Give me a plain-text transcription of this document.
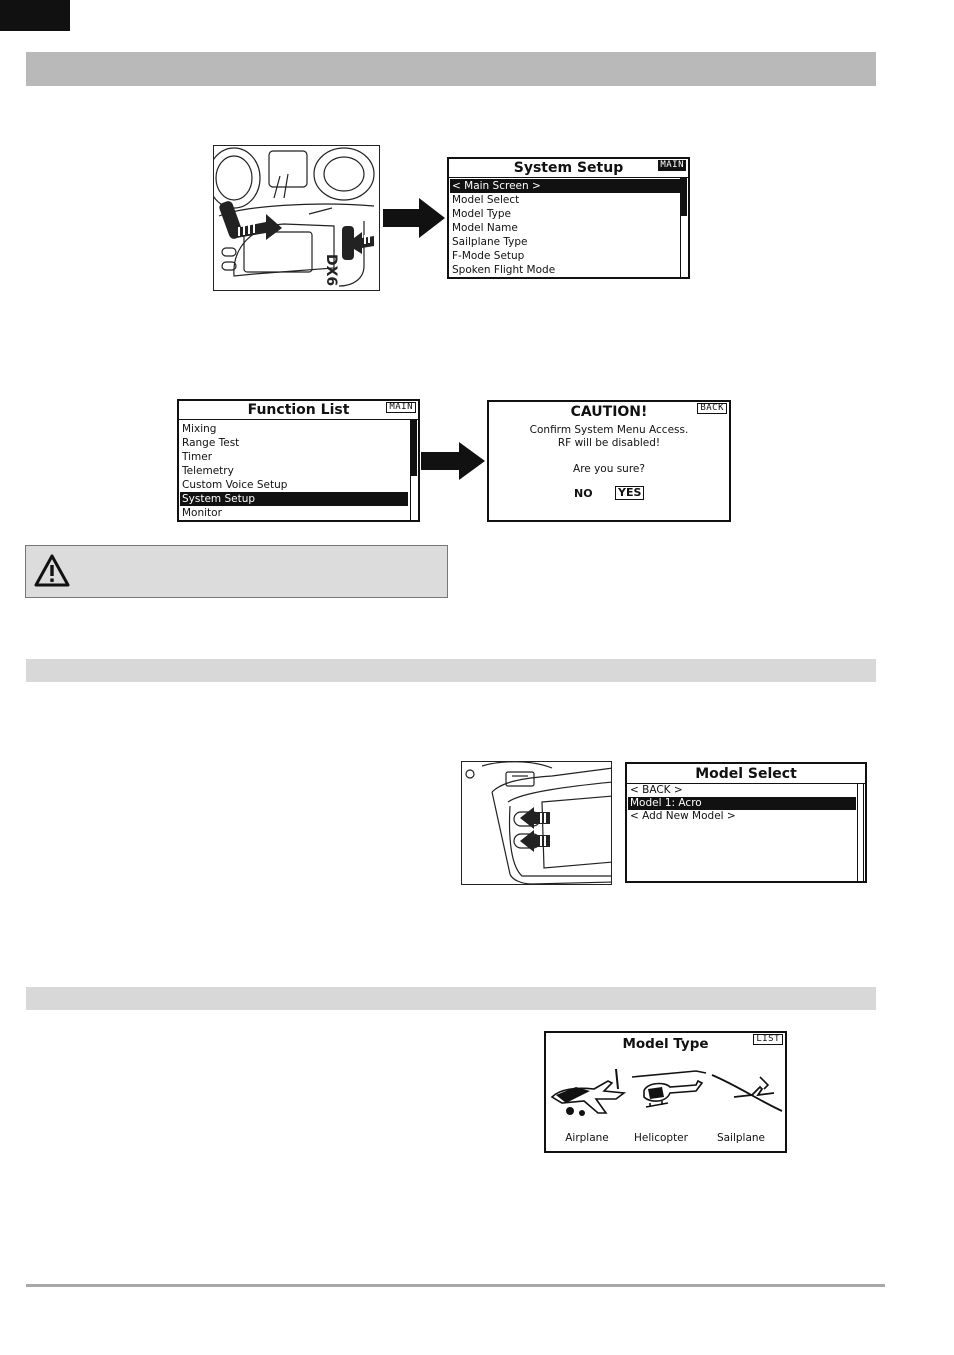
DX6
System Setup	MAIN
< Main Screen >
Model Select
Model Type
Model Name
Sailplane Type
F-Mode Setup
Spoken Flight Mode
Function List	MAIN
Mixing
Range Test
Timer
Telemetry
Custom Voice Setup
System Setup
Monitor
CAUTION!	BACK
Confirm System Menu Access.
RF will be disabled!
Are you sure?
NO YES
Model Select
< BACK >
Model 1: Acro
< Add New Model >
Model Type	LIST
Airplane	Helicopter	Sailplane
